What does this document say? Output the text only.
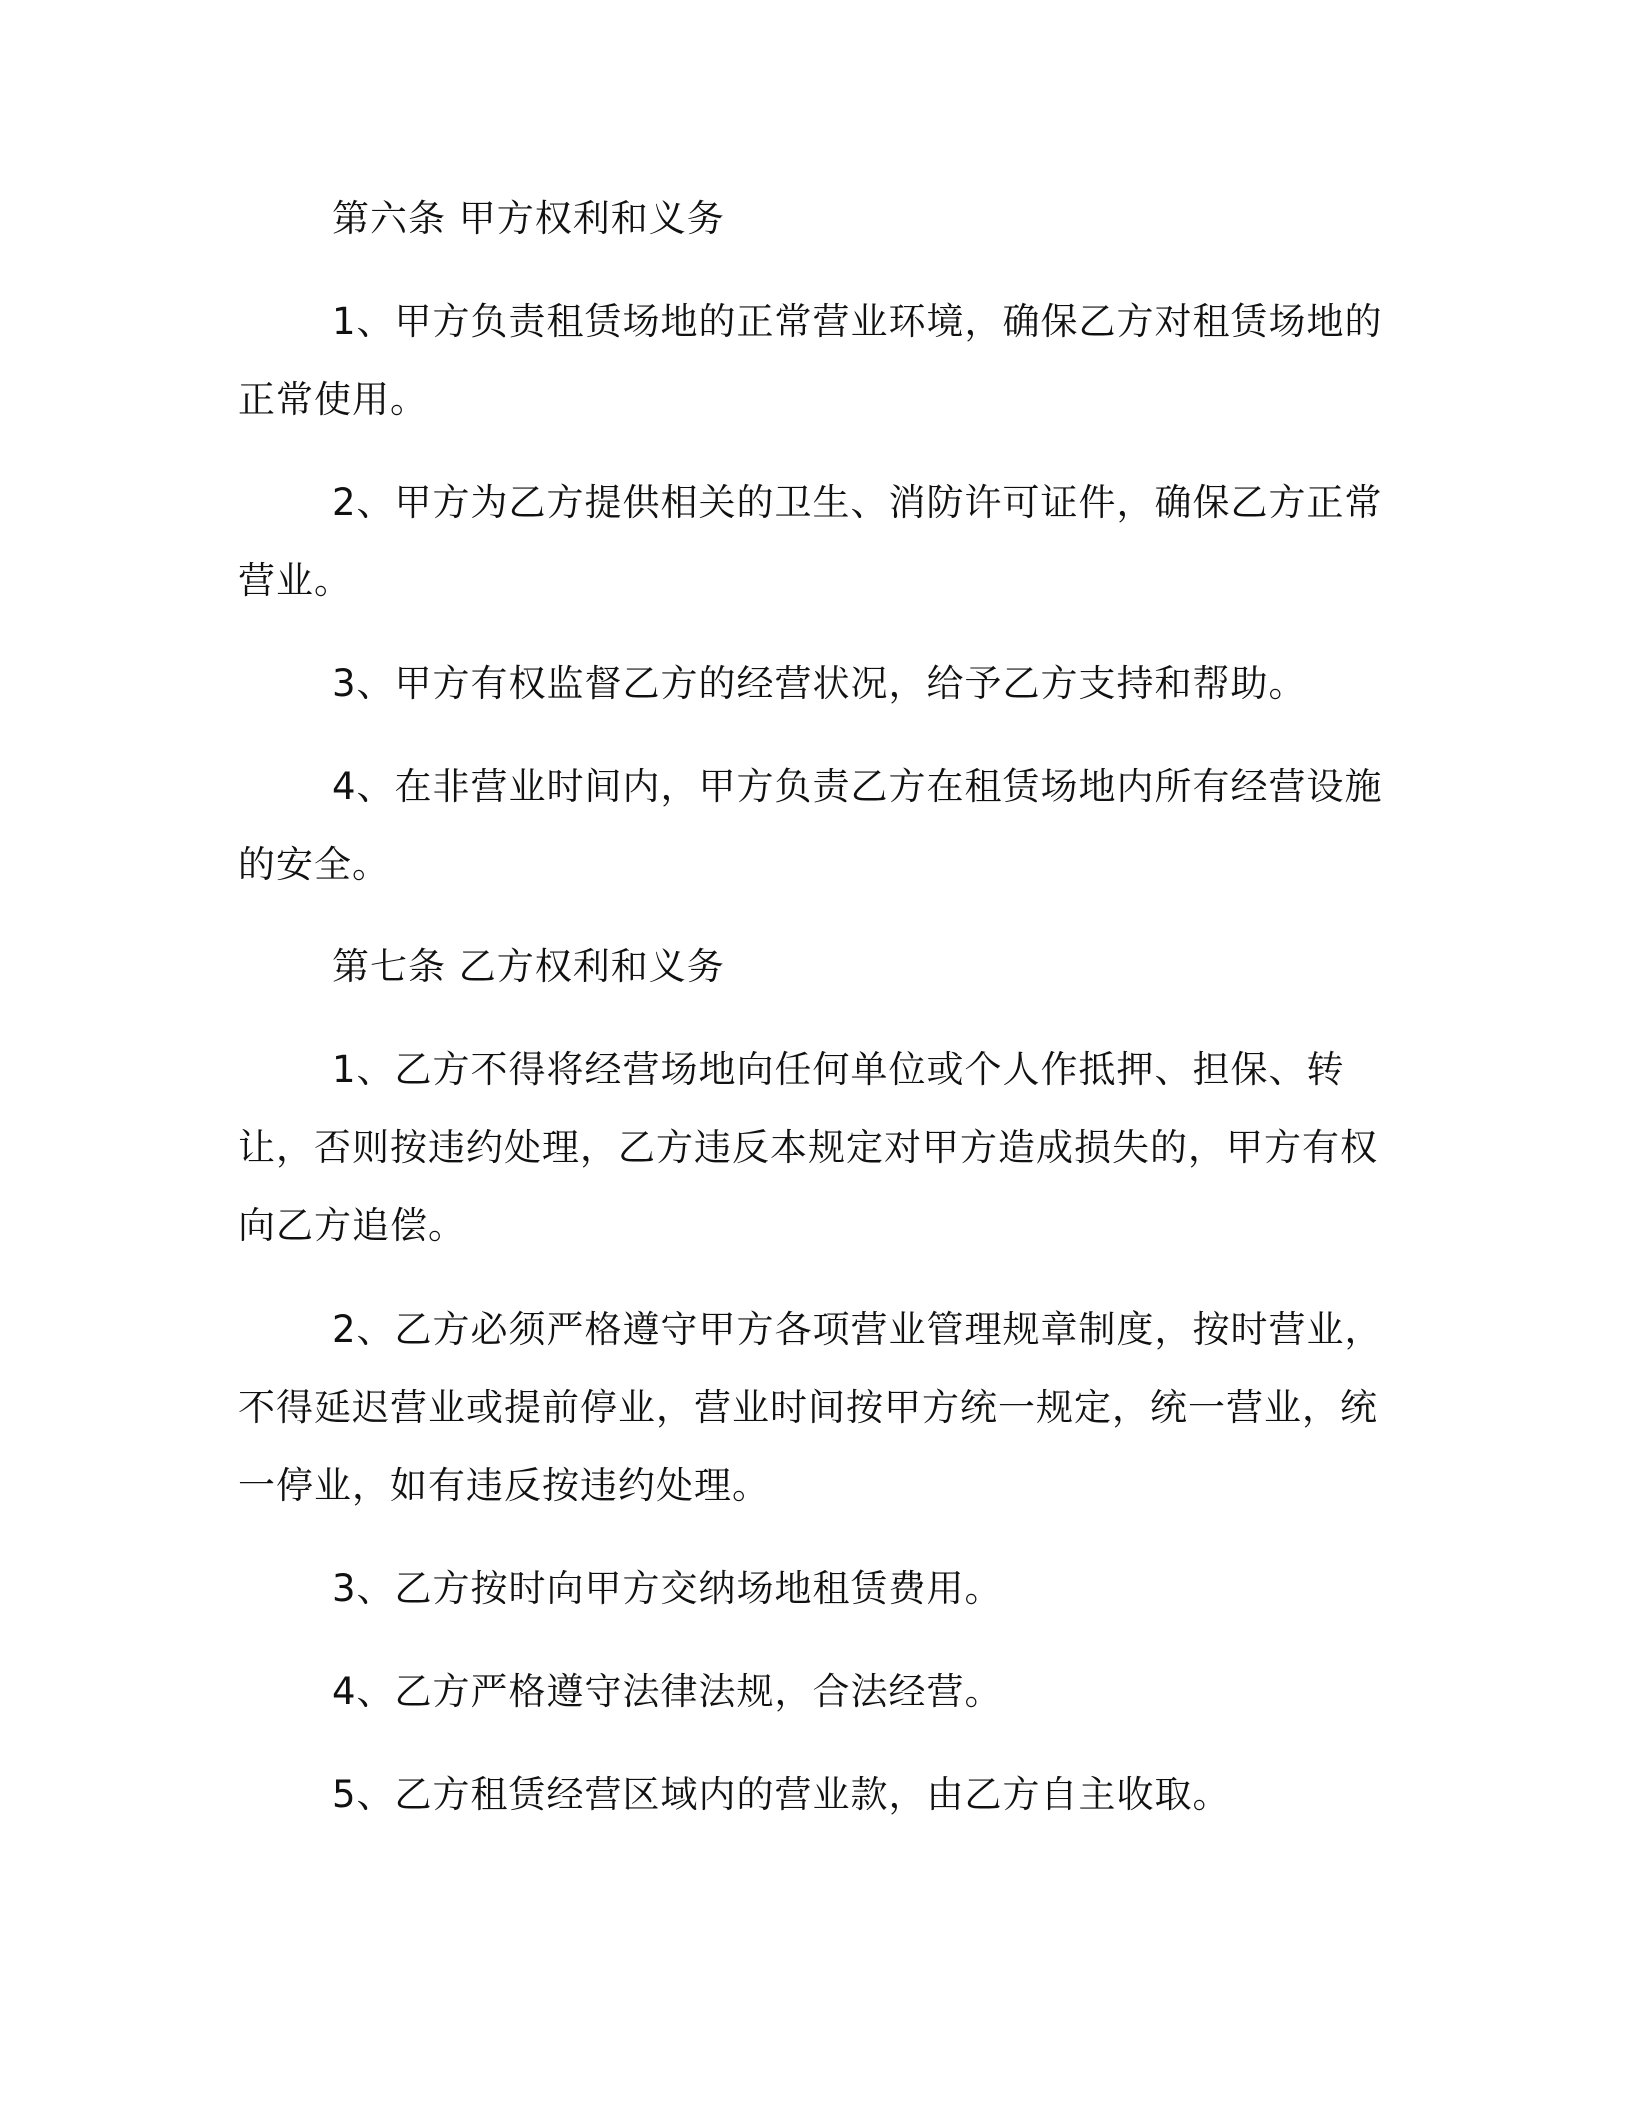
第六条 甲方权利和义务

1、甲方负责租赁场地的正常营业环境，确保乙方对租赁场地的正常使用。

2、甲方为乙方提供相关的卫生、消防许可证件，确保乙方正常营业。

3、甲方有权监督乙方的经营状况，给予乙方支持和帮助。

4、在非营业时间内，甲方负责乙方在租赁场地内所有经营设施的安全。

第七条 乙方权利和义务

1、乙方不得将经营场地向任何单位或个人作抵押、担保、转让，否则按违约处理，乙方违反本规定对甲方造成损失的，甲方有权向乙方追偿。

2、乙方必须严格遵守甲方各项营业管理规章制度，按时营业，不得延迟营业或提前停业，营业时间按甲方统一规定，统一营业，统一停业，如有违反按违约处理。

3、乙方按时向甲方交纳场地租赁费用。

4、乙方严格遵守法律法规，合法经营。

5、乙方租赁经营区域内的营业款，由乙方自主收取。
